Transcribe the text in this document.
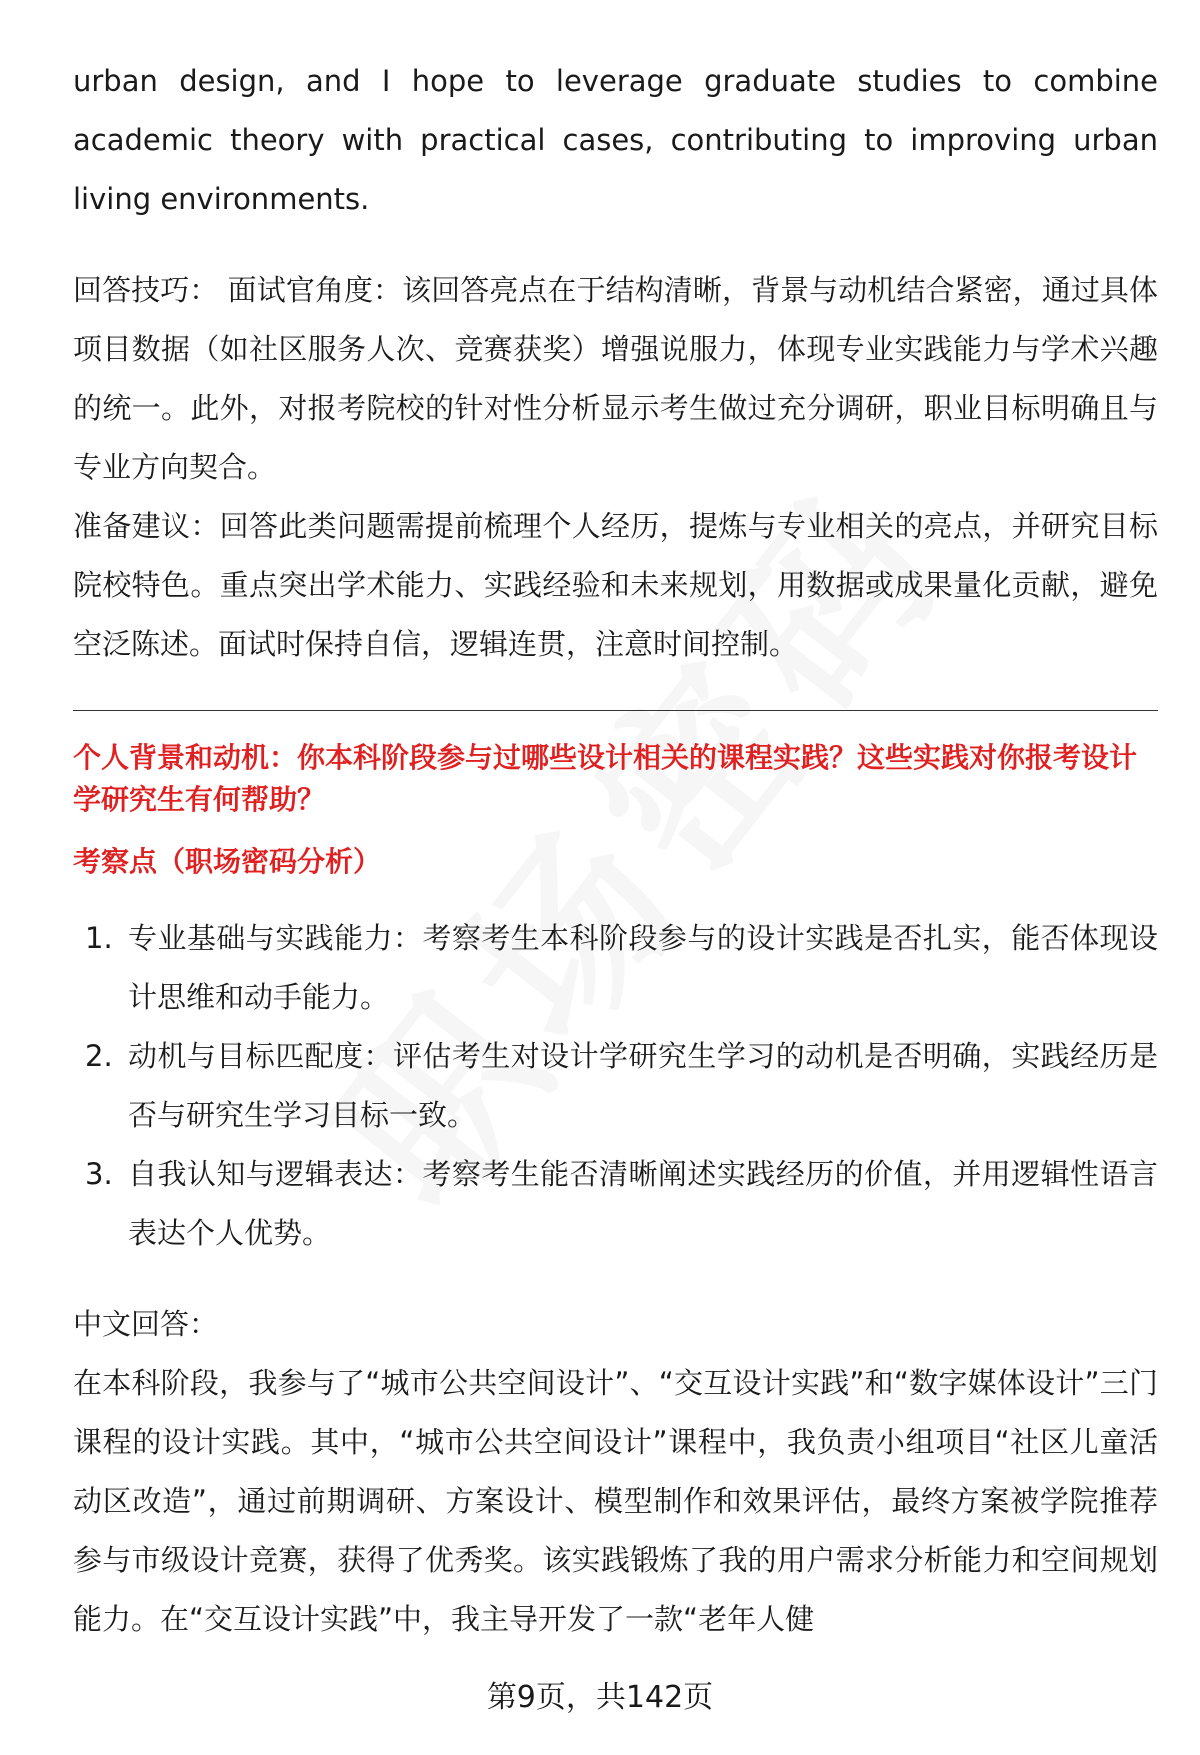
urban design, and I hope to leverage graduate studies to combine academic theory with practical cases, contributing to improving urban living environments.

回答技巧： 面试官角度：该回答亮点在于结构清晰，背景与动机结合紧密，通过具体项目数据（如社区服务人次、竞赛获奖）增强说服力，体现专业实践能力与学术兴趣的统一。此外，对报考院校的针对性分析显示考生做过充分调研，职业目标明确且与专业方向契合。

准备建议：回答此类问题需提前梳理个人经历，提炼与专业相关的亮点，并研究目标院校特色。重点突出学术能力、实践经验和未来规划，用数据或成果量化贡献，避免空泛陈述。面试时保持自信，逻辑连贯，注意时间控制。

个人背景和动机：你本科阶段参与过哪些设计相关的课程实践？这些实践对你报考设计学研究生有何帮助？

考察点（职场密码分析）

1. 专业基础与实践能力：考察考生本科阶段参与的设计实践是否扎实，能否体现设计思维和动手能力。
2. 动机与目标匹配度：评估考生对设计学研究生学习的动机是否明确，实践经历是否与研究生学习目标一致。
3. 自我认知与逻辑表达：考察考生能否清晰阐述实践经历的价值，并用逻辑性语言表达个人优势。

中文回答：

在本科阶段，我参与了“城市公共空间设计”、“交互设计实践”和“数字媒体设计”三门课程的设计实践。其中，“城市公共空间设计”课程中，我负责小组项目“社区儿童活动区改造”，通过前期调研、方案设计、模型制作和效果评估，最终方案被学院推荐参与市级设计竞赛，获得了优秀奖。该实践锻炼了我的用户需求分析能力和空间规划能力。在“交互设计实践”中，我主导开发了一款“老年人健

第9页，共142页
